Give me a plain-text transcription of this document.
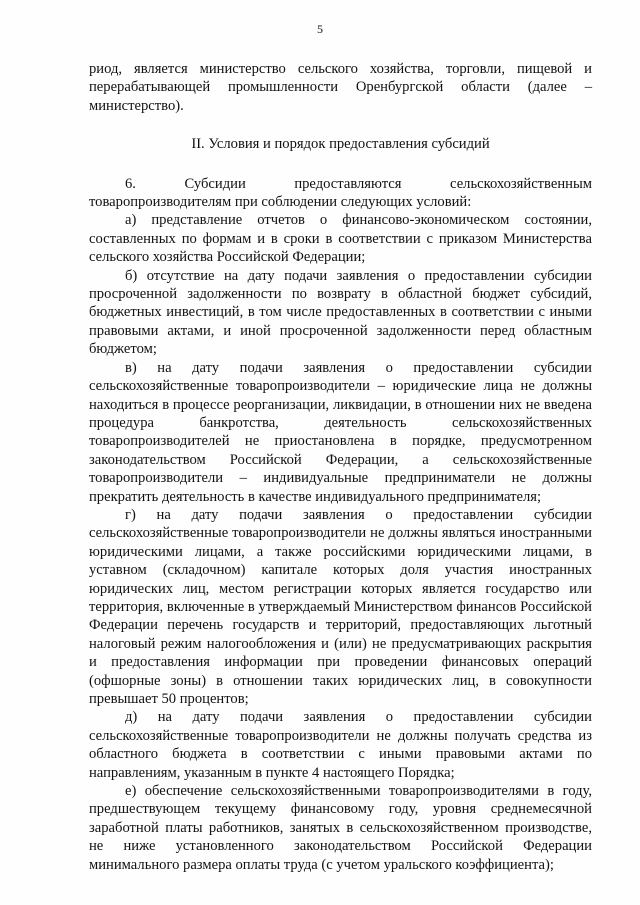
5

риод, является министерство сельского хозяйства, торговли, пищевой и перерабатывающей промышленности Оренбургской области (далее – министерство).

II. Условия и порядок предоставления субсидий

6. Субсидии предоставляются сельскохозяйственным товаропроизводителям при соблюдении следующих условий:

а) представление отчетов о финансово-экономическом состоянии, составленных по формам и в сроки в соответствии с приказом Министерства сельского хозяйства Российской Федерации;

б) отсутствие на дату подачи заявления о предоставлении субсидии просроченной задолженности по возврату в областной бюджет субсидий, бюджетных инвестиций, в том числе предоставленных в соответствии с иными правовыми актами, и иной просроченной задолженности перед областным бюджетом;

в) на дату подачи заявления о предоставлении субсидии сельскохозяйственные товаропроизводители – юридические лица не должны находиться в процессе реорганизации, ликвидации, в отношении них не введена процедура банкротства, деятельность сельскохозяйственных товаропроизводителей не приостановлена в порядке, предусмотренном законодательством Российской Федерации, а сельскохозяйственные товаропроизводители – индивидуальные предприниматели не должны прекратить деятельность в качестве индивидуального предпринимателя;

г) на дату подачи заявления о предоставлении субсидии сельскохозяйственные товаропроизводители не должны являться иностранными юридическими лицами, а также российскими юридическими лицами, в уставном (складочном) капитале которых доля участия иностранных юридических лиц, местом регистрации которых является государство или территория, включенные в утверждаемый Министерством финансов Российской Федерации перечень государств и территорий, предоставляющих льготный налоговый режим налогообложения и (или) не предусматривающих раскрытия и предоставления информации при проведении финансовых операций (офшорные зоны) в отношении таких юридических лиц, в совокупности превышает 50 процентов;

д) на дату подачи заявления о предоставлении субсидии сельскохозяйственные товаропроизводители не должны получать средства из областного бюджета в соответствии с иными правовыми актами по направлениям, указанным в пункте 4 настоящего Порядка;

е) обеспечение сельскохозяйственными товаропроизводителями в году, предшествующем текущему финансовому году, уровня среднемесячной заработной платы работников, занятых в сельскохозяйственном производстве, не ниже установленного законодательством Российской Федерации минимального размера оплаты труда (с учетом уральского коэффициента);
